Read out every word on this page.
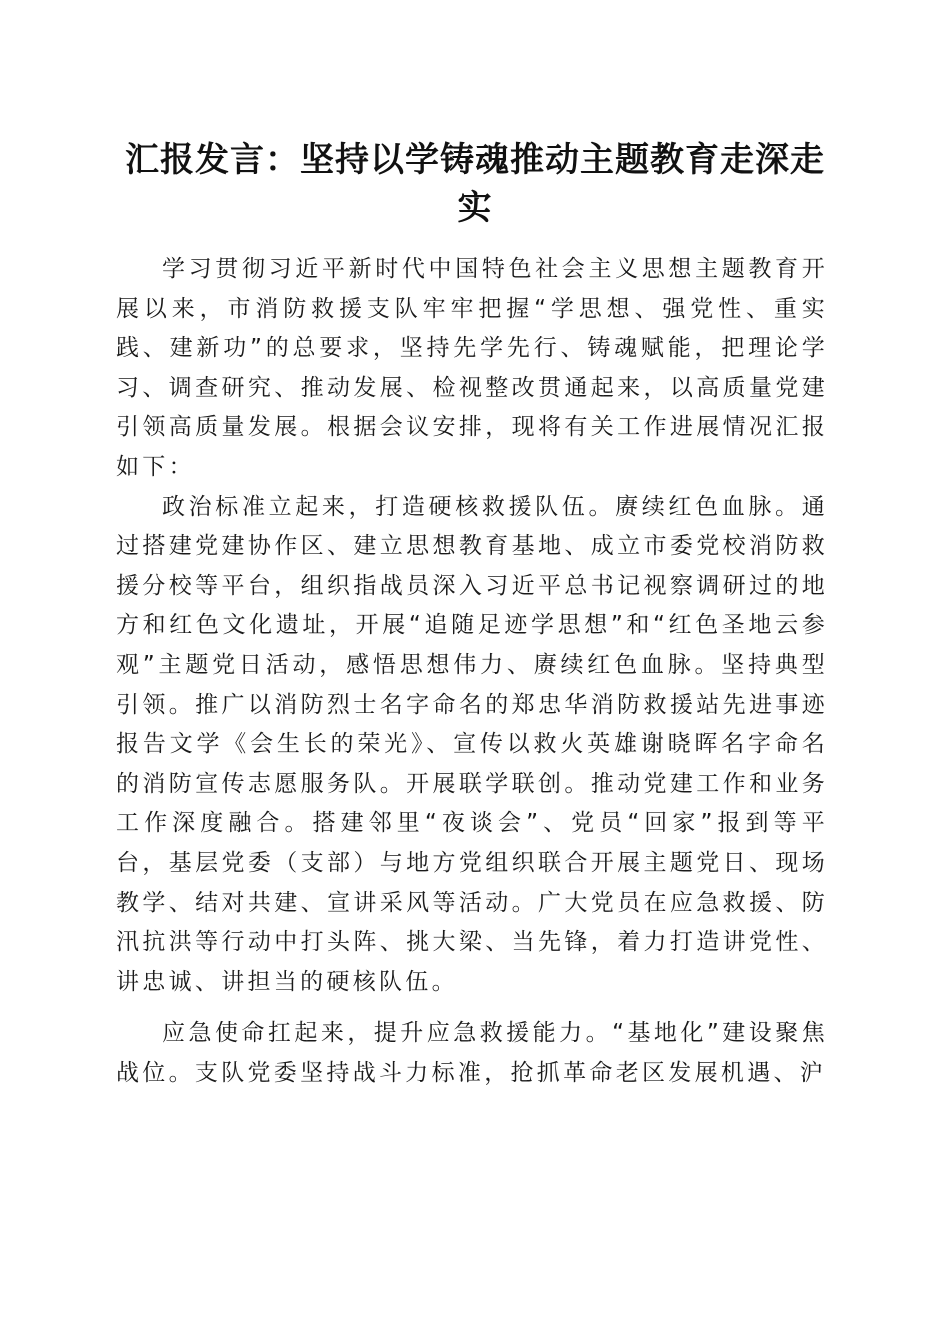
汇报发言：坚持以学铸魂推动主题教育走深走实

学习贯彻习近平新时代中国特色社会主义思想主题教育开展以来，市消防救援支队牢牢把握“学思想、强党性、重实践、建新功”的总要求，坚持先学先行、铸魂赋能，把理论学习、调查研究、推动发展、检视整改贯通起来，以高质量党建引领高质量发展。根据会议安排，现将有关工作进展情况汇报如下：

政治标准立起来，打造硬核救援队伍。赓续红色血脉。通过搭建党建协作区、建立思想教育基地、成立市委党校消防救援分校等平台，组织指战员深入习近平总书记视察调研过的地方和红色文化遗址，开展“追随足迹学思想”和“红色圣地云参观”主题党日活动，感悟思想伟力、赓续红色血脉。坚持典型引领。推广以消防烈士名字命名的郑忠华消防救援站先进事迹报告文学《会生长的荣光》、宣传以救火英雄谢晓晖名字命名的消防宣传志愿服务队。开展联学联创。推动党建工作和业务工作深度融合。搭建邻里“夜谈会”、党员“回家”报到等平台，基层党委（支部）与地方党组织联合开展主题党日、现场教学、结对共建、宣讲采风等活动。广大党员在应急救援、防汛抗洪等行动中打头阵、挑大梁、当先锋，着力打造讲党性、讲忠诚、讲担当的硬核队伍。

应急使命扛起来，提升应急救援能力。“基地化”建设聚焦战位。支队党委坚持战斗力标准，抢抓革命老区发展机遇、沪
